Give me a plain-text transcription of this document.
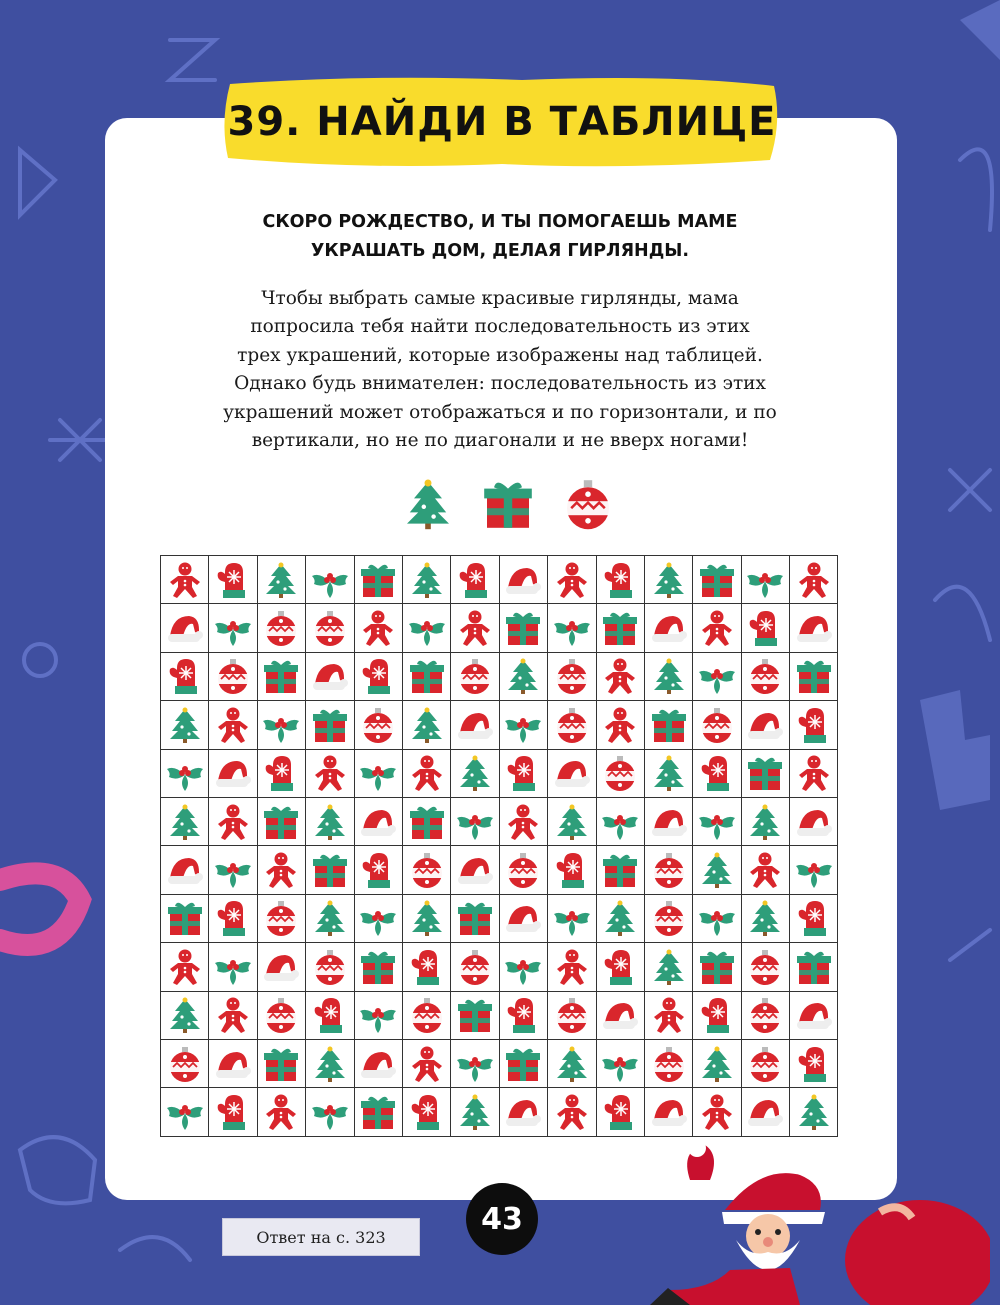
39. НАЙДИ В ТАБЛИЦЕ
СКОРО РОЖДЕСТВО, И ТЫ ПОМОГАЕШЬ МАМЕ
УКРАШАТЬ ДОМ, ДЕЛАЯ ГИРЛЯНДЫ.
Чтобы выбрать самые красивые гирлянды, мама
попросила тебя найти последовательность из этих
трех украшений, которые изображены над таблицей.
Однако будь внимателен: последовательность из этих
украшений может отображаться и по горизонтали, и по
вертикали, но не по диагонали и не вверх ногами!
Ответ на с. 323
43
